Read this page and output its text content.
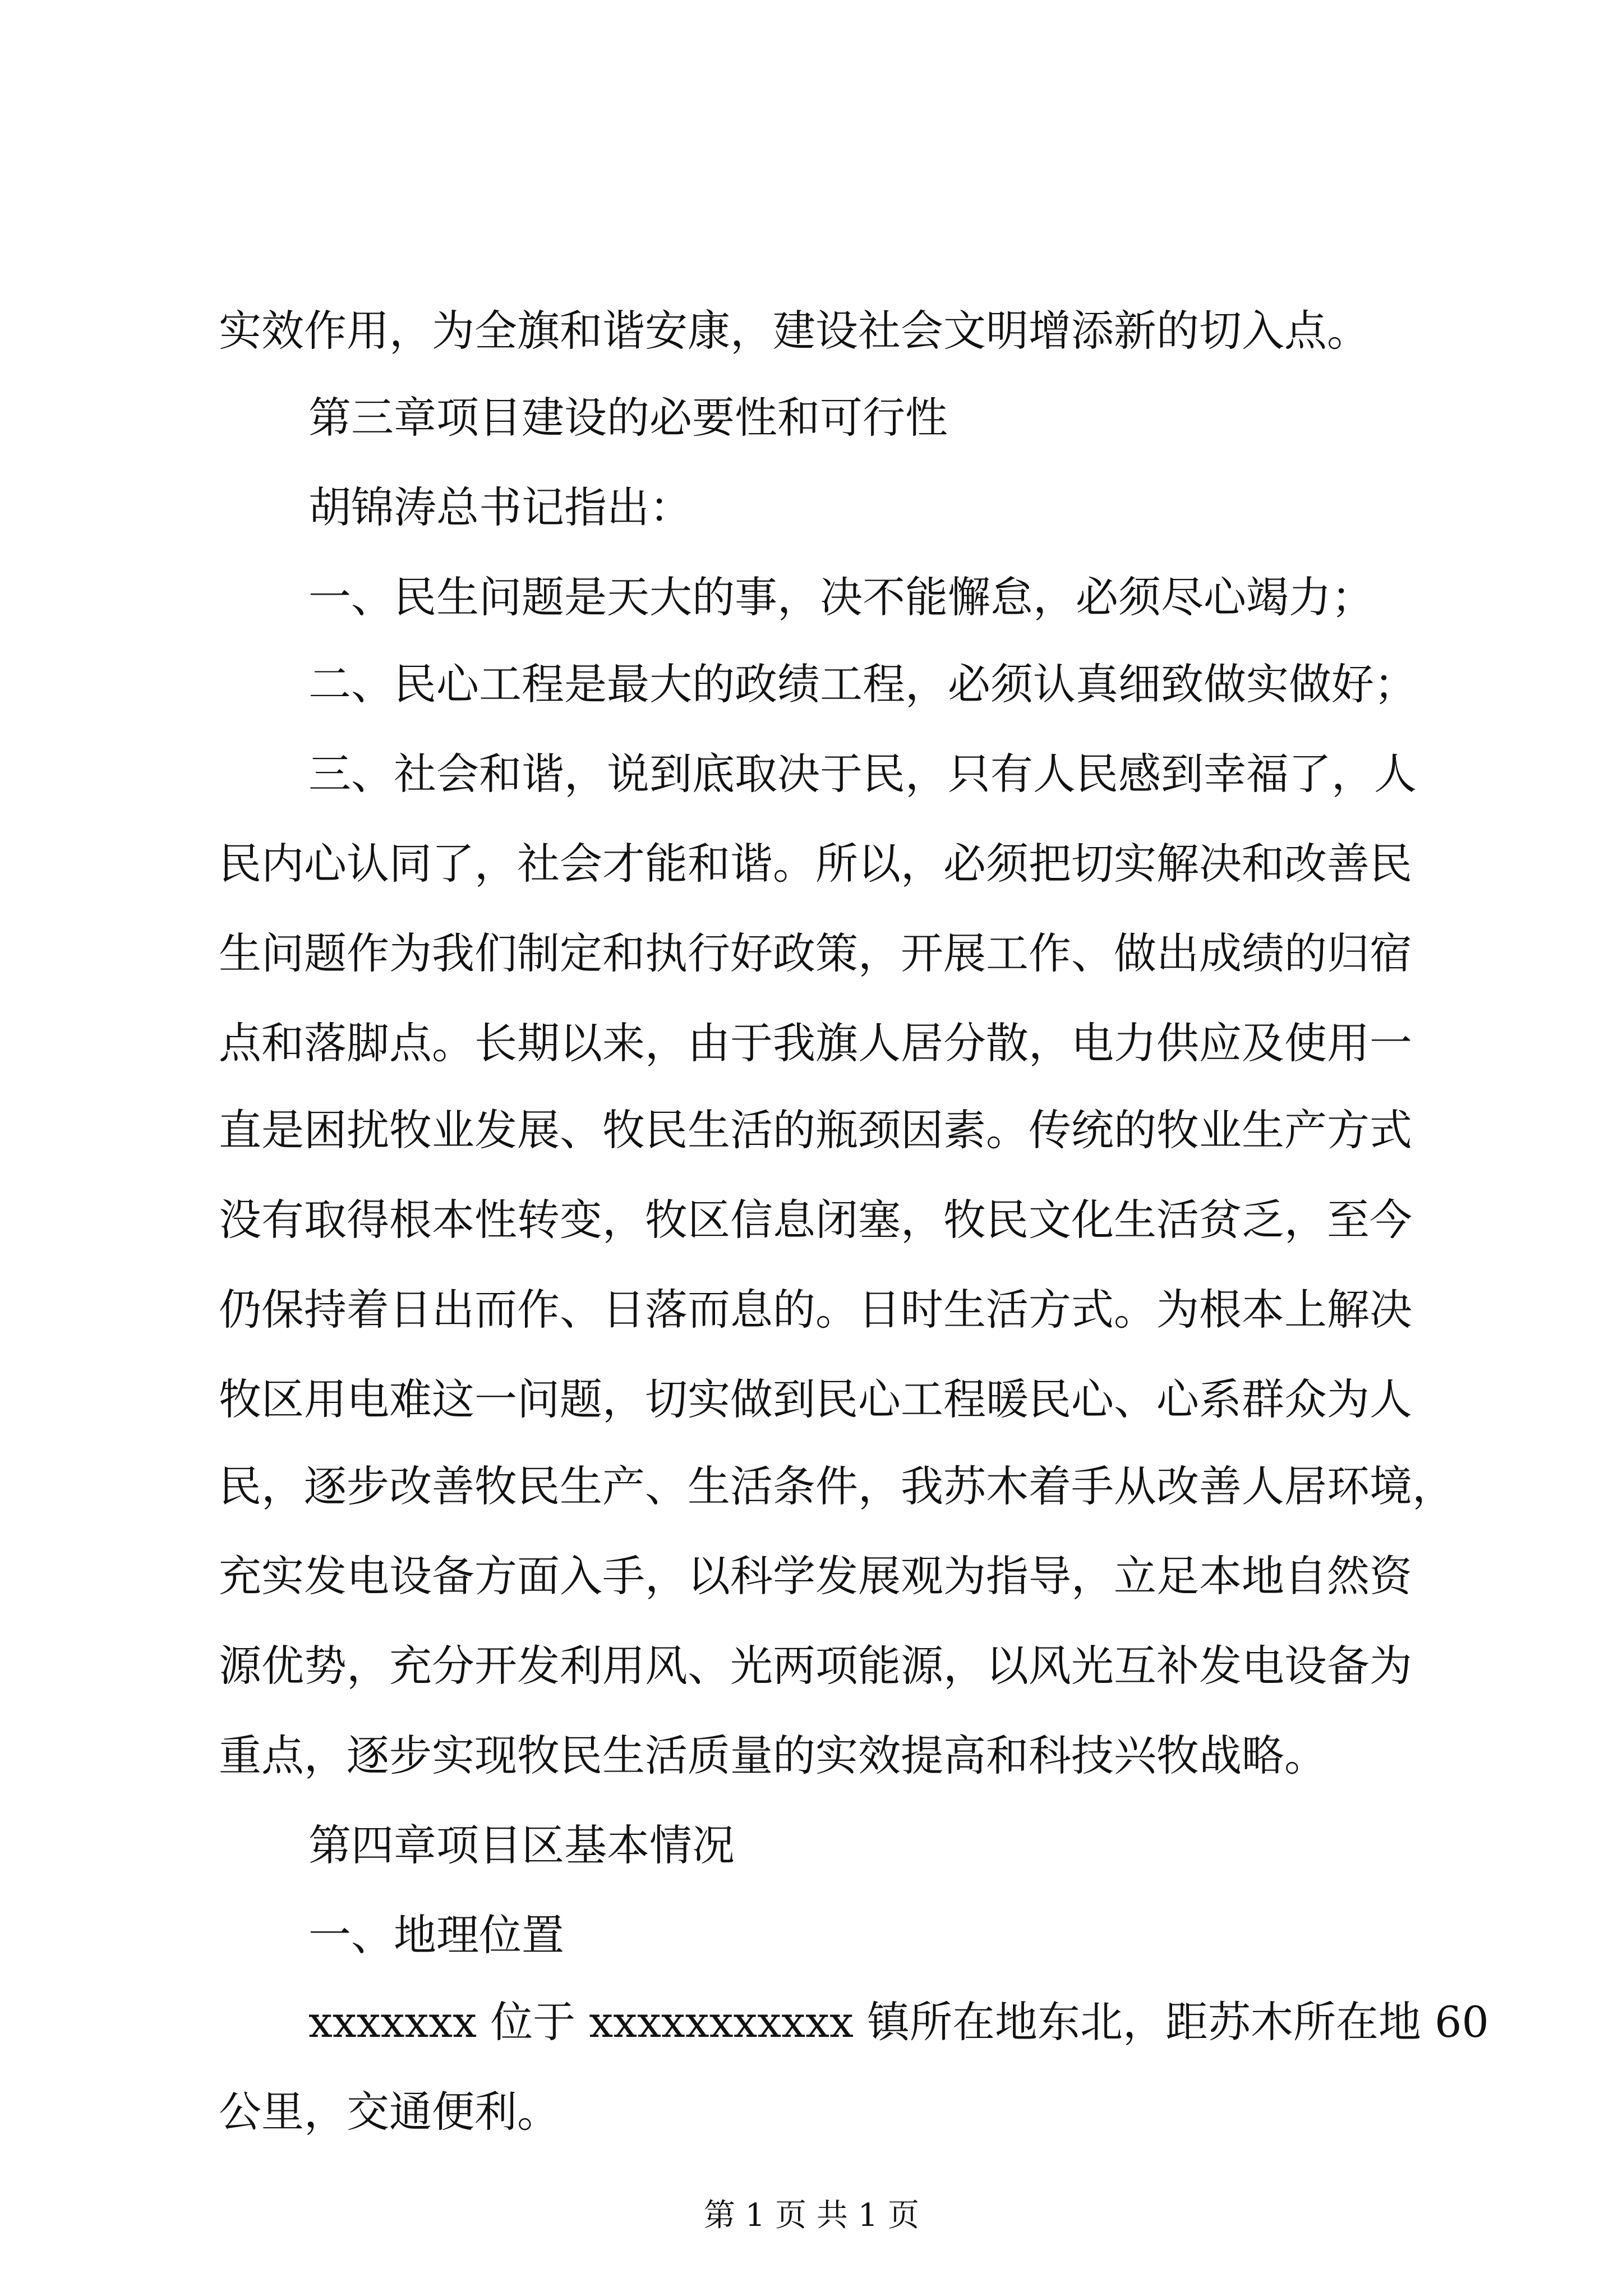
实效作用，为全旗和谐安康，建设社会文明增添新的切入点。

第三章项目建设的必要性和可行性

胡锦涛总书记指出：

一、民生问题是天大的事，决不能懈怠，必须尽心竭力；

二、民心工程是最大的政绩工程，必须认真细致做实做好；

三、社会和谐，说到底取决于民，只有人民感到幸福了，人

民内心认同了，社会才能和谐。所以，必须把切实解决和改善民

生问题作为我们制定和执行好政策，开展工作、做出成绩的归宿

点和落脚点。长期以来，由于我旗人居分散，电力供应及使用一

直是困扰牧业发展、牧民生活的瓶颈因素。传统的牧业生产方式

没有取得根本性转变，牧区信息闭塞，牧民文化生活贫乏，至今

仍保持着日出而作、日落而息的。日时生活方式。为根本上解决

牧区用电难这一问题，切实做到民心工程暖民心、心系群众为人

民，逐步改善牧民生产、生活条件，我苏木着手从改善人居环境，

充实发电设备方面入手，以科学发展观为指导，立足本地自然资

源优势，充分开发利用风、光两项能源，以风光互补发电设备为

重点，逐步实现牧民生活质量的实效提高和科技兴牧战略。

第四章项目区基本情况

一、地理位置

xxxxxxx 位于 xxxxxxxxxxx 镇所在地东北，距苏木所在地 60

公里，交通便利。

第 1 页 共 1 页
